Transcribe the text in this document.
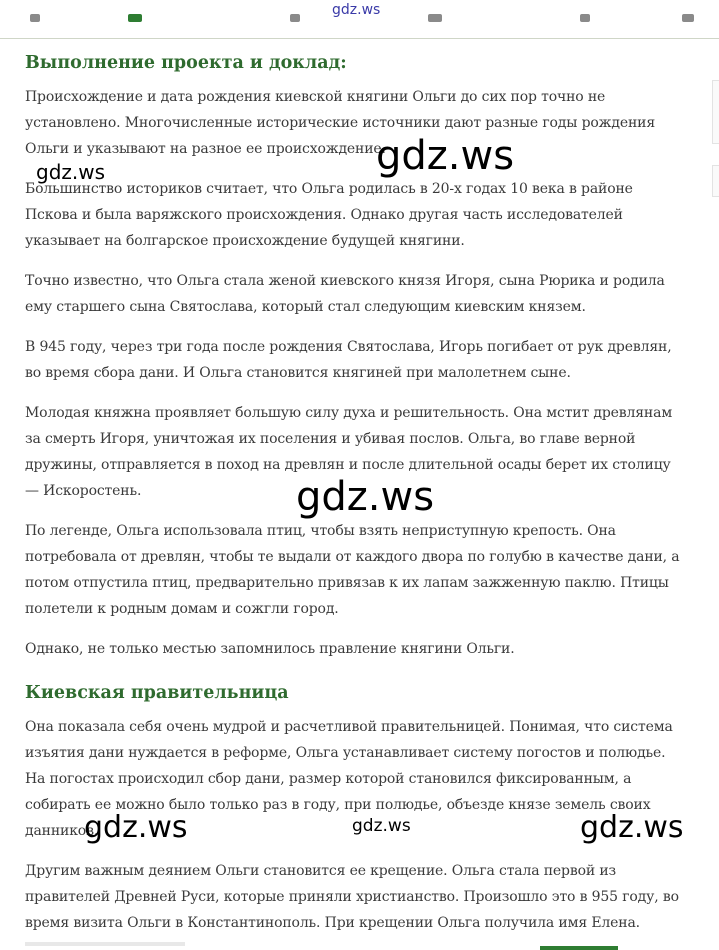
gdz.ws
Выполнение проекта и доклад:

Происхождение и дата рождения киевской княгини Ольги до сих пор точно не установлено. Многочисленные исторические источники дают разные годы рождения Ольги и указывают на разное ее происхождение.

Большинство историков считает, что Ольга родилась в 20-х годах 10 века в районе Пскова и была варяжского происхождения. Однако другая часть исследователей указывает на болгарское происхождение будущей княгини.

Точно известно, что Ольга стала женой киевского князя Игоря, сына Рюрика и родила ему старшего сына Святослава, который стал следующим киевским князем.

В 945 году, через три года после рождения Святослава, Игорь погибает от рук древлян, во время сбора дани. И Ольга становится княгиней при малолетнем сыне.

Молодая княжна проявляет большую силу духа и решительность. Она мстит древлянам за смерть Игоря, уничтожая их поселения и убивая послов. Ольга, во главе верной дружины, отправляется в поход на древлян и после длительной осады берет их столицу — Искоростень.

По легенде, Ольга использовала птиц, чтобы взять неприступную крепость. Она потребовала от древлян, чтобы те выдали от каждого двора по голубю в качестве дани, а потом отпустила птиц, предварительно привязав к их лапам зажженную паклю. Птицы полетели к родным домам и сожгли город.

Однако, не только местью запомнилось правление княгини Ольги.

Киевская правительница

Она показала себя очень мудрой и расчетливой правительницей. Понимая, что система изъятия дани нуждается в реформе, Ольга устанавливает систему погостов и полюдье. На погостах происходил сбор дани, размер которой становился фиксированным, а собирать ее можно было только раз в году, при полюдье, объезде князе земель своих данников.

Другим важным деянием Ольги становится ее крещение. Ольга стала первой из правителей Древней Руси, которые приняли христианство. Произошло это в 955 году, во время визита Ольги в Константинополь. При крещении Ольга получила имя Елена.

gdz.ws
gdz.ws
gdz.ws
gdz.ws	gdz.ws	gdz.ws
